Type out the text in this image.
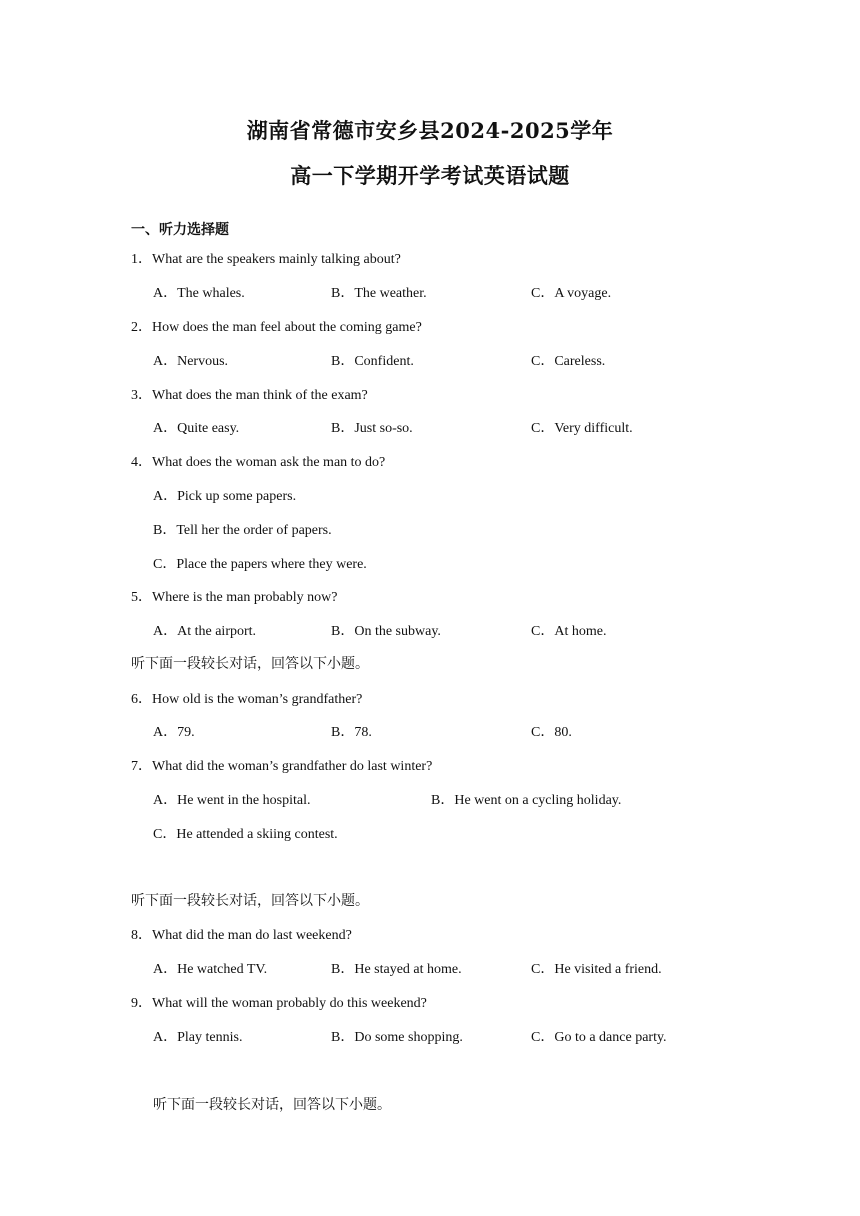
湖南省常德市安乡县2024-2025学年
高一下学期开学考试英语试题
一、听力选择题
1．What are the speakers mainly talking about?
A．The whales.	B．The weather.	C．A voyage.
2．How does the man feel about the coming game?
A．Nervous.	B．Confident.	C．Careless.
3．What does the man think of the exam?
A．Quite easy.	B．Just so-so.	C．Very difficult.
4．What does the woman ask the man to do?
A．Pick up some papers.
B．Tell her the order of papers.
C．Place the papers where they were.
5．Where is the man probably now?
A．At the airport.	B．On the subway.	C．At home.
听下面一段较长对话，回答以下小题。
6．How old is the woman’s grandfather?
A．79.	B．78.	C．80.
7．What did the woman’s grandfather do last winter?
A．He went in the hospital.	B．He went on a cycling holiday.
C．He attended a skiing contest.
听下面一段较长对话，回答以下小题。
8．What did the man do last weekend?
A．He watched TV.	B．He stayed at home.	C．He visited a friend.
9．What will the woman probably do this weekend?
A．Play tennis.	B．Do some shopping.	C．Go to a dance party.
听下面一段较长对话，回答以下小题。
